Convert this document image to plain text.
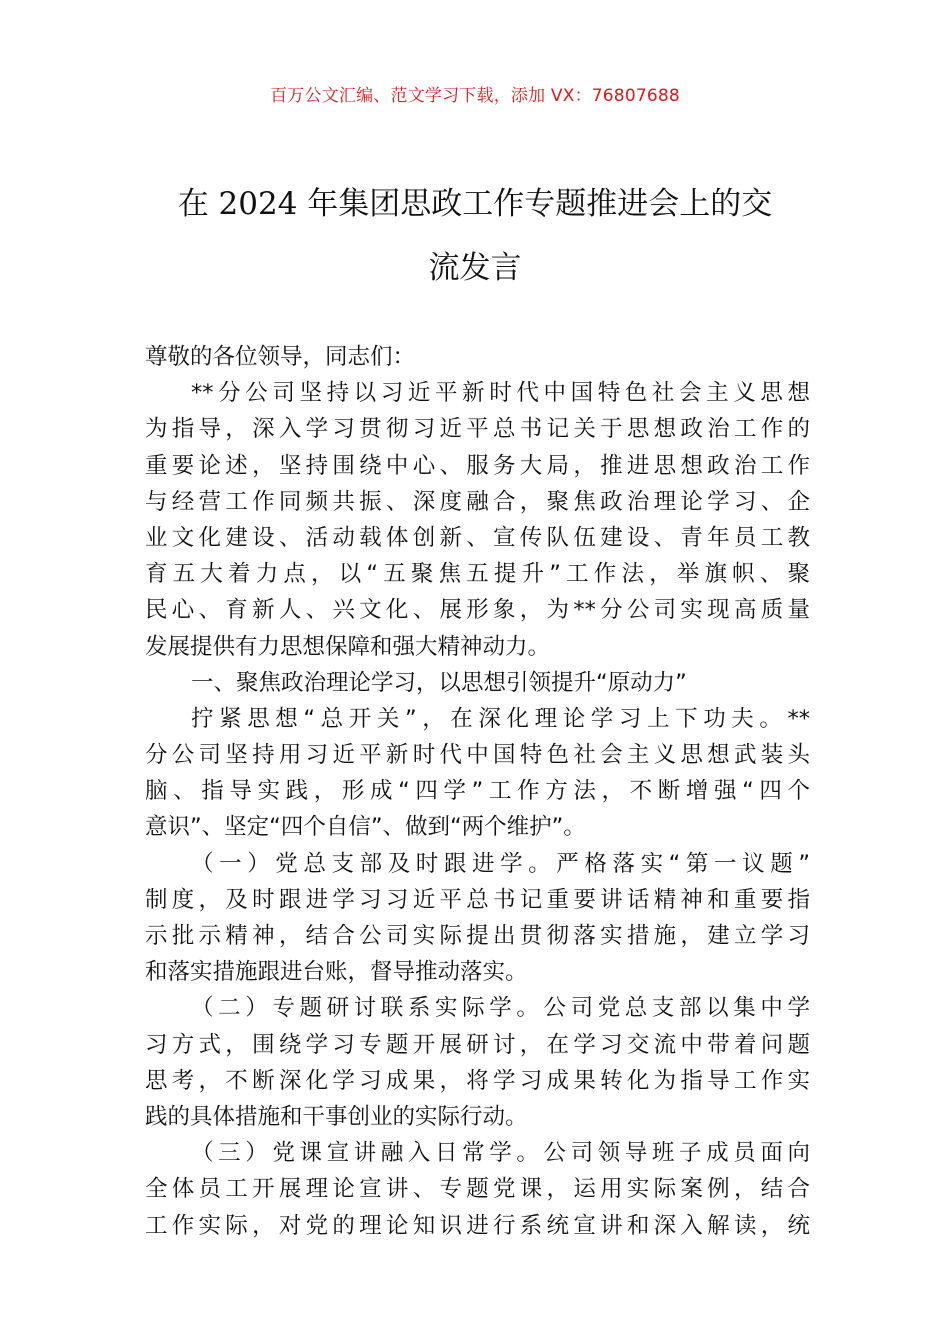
百万公文汇编、范文学习下载，添加 VX：76807688
在 2024 年集团思政工作专题推进会上的交
流发言
尊敬的各位领导，同志们：
**分公司坚持以习近平新时代中国特色社会主义思想
为指导，深入学习贯彻习近平总书记关于思想政治工作的
重要论述，坚持围绕中心、服务大局，推进思想政治工作
与经营工作同频共振、深度融合，聚焦政治理论学习、企
业文化建设、活动载体创新、宣传队伍建设、青年员工教
育五大着力点，以“五聚焦五提升”工作法，举旗帜、聚
民心、育新人、兴文化、展形象，为**分公司实现高质量
发展提供有力思想保障和强大精神动力。
一、聚焦政治理论学习，以思想引领提升“原动力”
拧紧思想“总开关”，在深化理论学习上下功夫。**
分公司坚持用习近平新时代中国特色社会主义思想武装头
脑、指导实践，形成“四学”工作方法，不断增强“四个
意识”、坚定“四个自信”、做到“两个维护”。
（一）党总支部及时跟进学。严格落实“第一议题”
制度，及时跟进学习习近平总书记重要讲话精神和重要指
示批示精神，结合公司实际提出贯彻落实措施，建立学习
和落实措施跟进台账，督导推动落实。
（二）专题研讨联系实际学。公司党总支部以集中学
习方式，围绕学习专题开展研讨，在学习交流中带着问题
思考，不断深化学习成果，将学习成果转化为指导工作实
践的具体措施和干事创业的实际行动。
（三）党课宣讲融入日常学。公司领导班子成员面向
全体员工开展理论宣讲、专题党课，运用实际案例，结合
工作实际，对党的理论知识进行系统宣讲和深入解读，统
